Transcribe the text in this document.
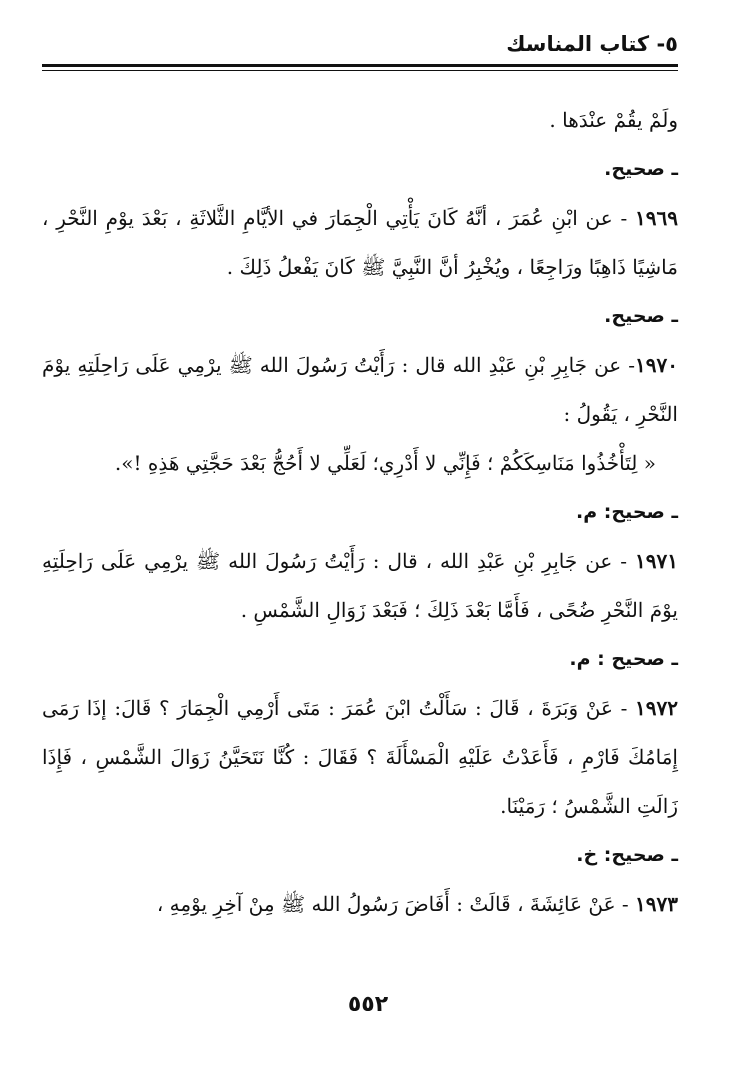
٥- كتاب المناسك

ولَمْ يقُمْ عنْدَها .

ـ صحيح.

١٩٦٩ - عن ابْنِ عُمَرَ ، أنَّهُ كَانَ يَأْتِي الْجِمَارَ في الأيَّامِ الثَّلاثَةِ ، بَعْدَ يوْمِ النَّحْرِ ، مَاشِيًا ذَاهِبًا ورَاجِعًا ، ويُخْبِرُ أنَّ النَّبِيَّ ﷺ كَانَ يَفْعلُ ذَلِكَ .

ـ صحيح.

١٩٧٠- عن جَابِرِ بْنِ عَبْدِ الله قال : رَأَيْتُ رَسُولَ الله ﷺ يرْمِي عَلَى رَاحِلَتِهِ يوْمَ النَّحْرِ ، يَقُولُ :

« لِتَأْخُذُوا مَنَاسِكَكُمْ ؛ فَإِنِّي لا أَدْرِي؛ لَعَلِّي لا أَحُجُّ بَعْدَ حَجَّتِي هَذِهِ !».

ـ صحيح: م.

١٩٧١ - عن جَابِرِ بْنِ عَبْدِ الله ، قال : رَأَيْتُ رَسُولَ الله ﷺ يرْمِي عَلَى رَاحِلَتِهِ يوْمَ النَّحْرِ ضُحًى ، فَأَمَّا بَعْدَ ذَلِكَ ؛ فَبَعْدَ زَوَالِ الشَّمْسِ .

ـ صحيح : م.

١٩٧٢ - عَنْ وَبَرَةَ ، قَالَ : سَأَلْتُ ابْنَ عُمَرَ : مَتَى أَرْمِي الْجِمَارَ ؟ قَالَ: إذَا رَمَى إِمَامُكَ فَارْمِ ، فَأَعَدْتُ عَلَيْهِ الْمَسْأَلَةَ ؟ فَقَالَ : كُنَّا نَتَحَيَّنُ زَوَالَ الشَّمْسِ ، فَإِذَا زَالَتِ الشَّمْسُ ؛ رَمَيْنَا.

ـ صحيح: خ.

١٩٧٣ - عَنْ عَائِشَةَ ، قَالَتْ : أَفَاضَ رَسُولُ الله ﷺ مِنْ آخِرِ يوْمِهِ ،

٥٥٢
